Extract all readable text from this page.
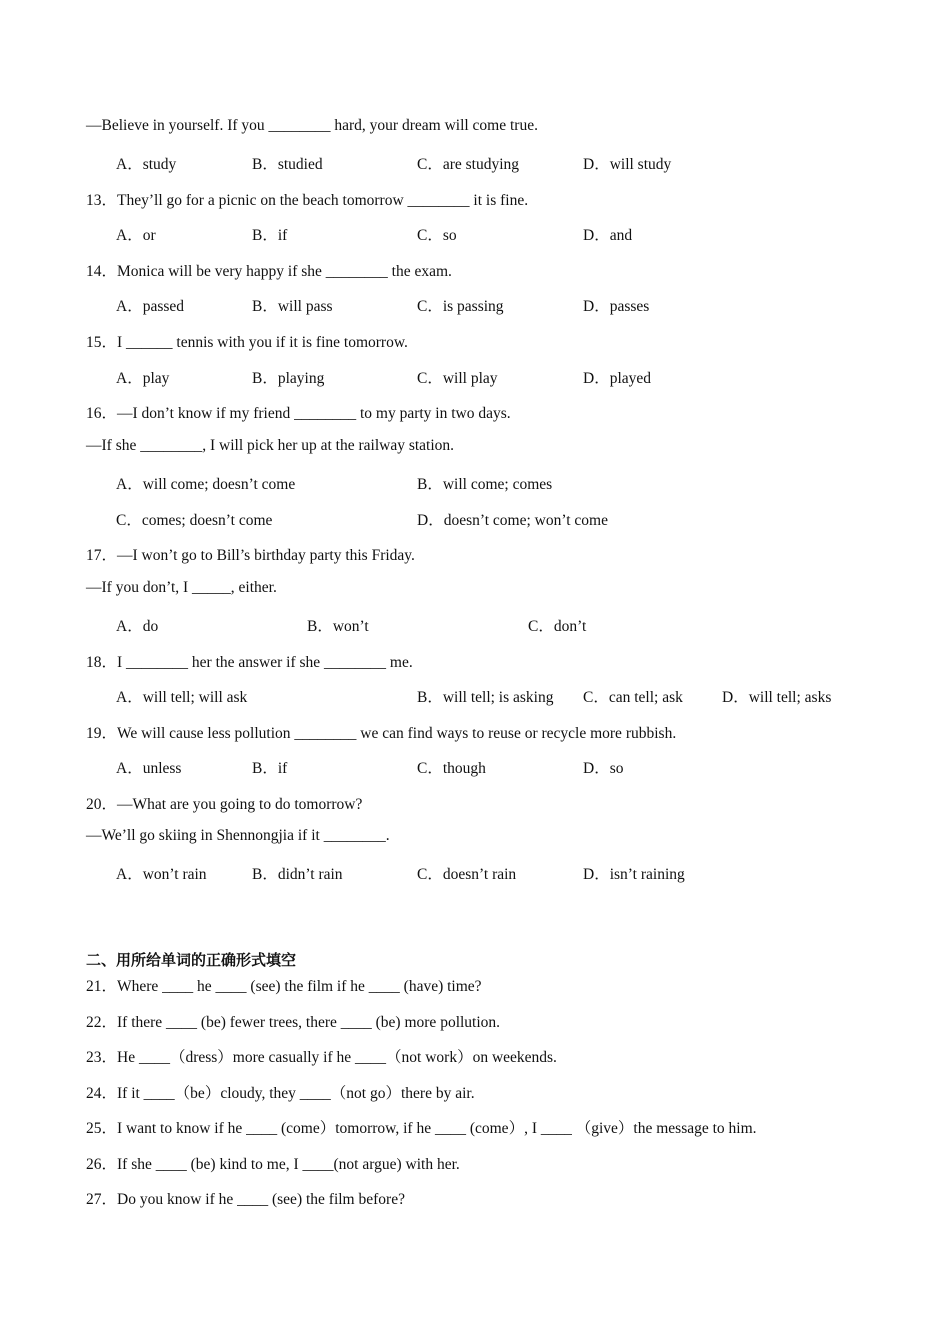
—Believe in yourself. If you ________ hard, your dream will come true.
A．study	B．studied	C．are studying	D．will study
13．They’ll go for a picnic on the beach tomorrow ________ it is fine.
A．or	B．if	C．so	D．and
14．Monica will be very happy if she ________ the exam.
A．passed	B．will pass	C．is passing	D．passes
15．I ______ tennis with you if it is fine tomorrow.
A．play	B．playing	C．will play	D．played
16．—I don’t know if my friend ________ to my party in two days.
—If she ________, I will pick her up at the railway station.
A．will come; doesn’t come	B．will come; comes
C．comes; doesn’t come	D．doesn’t come; won’t come
17．—I won’t go to Bill’s birthday party this Friday.
—If you don’t, I _____, either.
A．do	B．won’t	C．don’t
18．I ________ her the answer if she ________ me.
A．will tell; will ask	B．will tell; is asking C．can tell; ask	D．will tell; asks
19．We will cause less pollution ________ we can find ways to reuse or recycle more rubbish.
A．unless	B．if	C．though	D．so
20．—What are you going to do tomorrow?
—We’ll go skiing in Shennongjia if it ________.
A．won’t rain	B．didn’t rain	C．doesn’t rain	D．isn’t raining
二、用所给单词的正确形式填空
21．Where ____ he ____ (see) the film if he ____ (have) time?
22．If there ____ (be) fewer trees, there ____ (be) more pollution.
23．He ____（dress）more casually if he ____（not work）on weekends.
24．If it ____（be）cloudy, they ____（not go）there by air.
25．I want to know if he ____ (come）tomorrow, if he ____ (come）, I ____ （give）the message to him.
26．If she ____ (be) kind to me, I ____(not argue) with her.
27．Do you know if he ____ (see) the film before?
